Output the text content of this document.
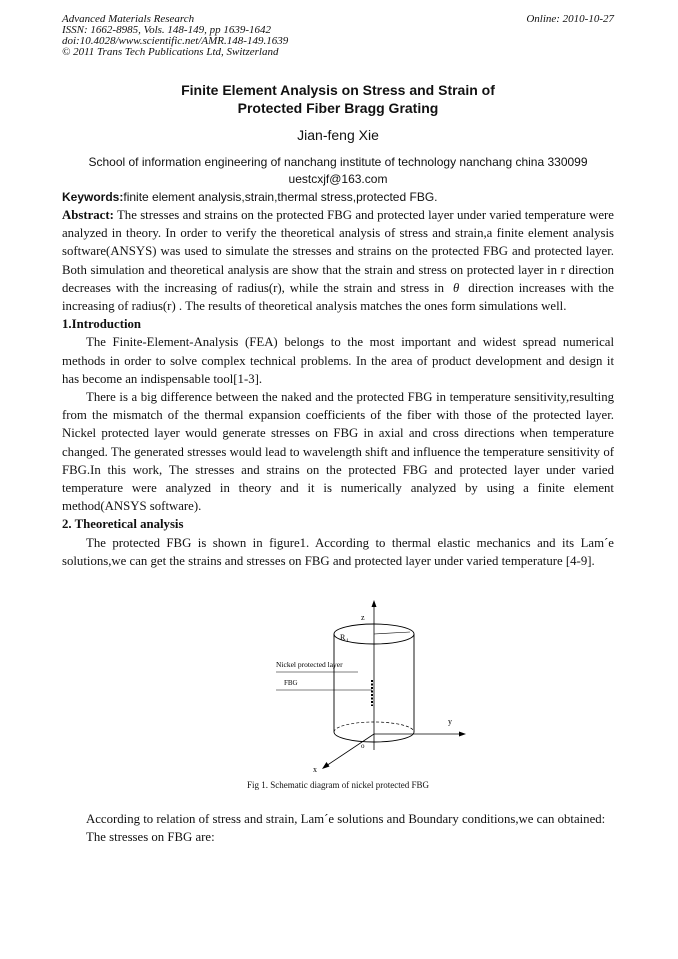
Advanced Materials Research
ISSN: 1662-8985, Vols. 148-149, pp 1639-1642
doi:10.4028/www.scientific.net/AMR.148-149.1639
© 2011 Trans Tech Publications Ltd, Switzerland
Online: 2010-10-27
Finite Element Analysis on Stress and Strain of
Protected Fiber Bragg Grating
Jian-feng Xie
School of information engineering of nanchang institute of technology nanchang china 330099
uestcxjf@163.com
Keywords:finite element analysis,strain,thermal stress,protected FBG.

Abstract: The stresses and strains on the protected FBG and protected layer under varied temperature were analyzed in theory. In order to verify the theoretical analysis of stress and strain,a finite element analysis software(ANSYS) was used to simulate the stresses and strains on the protected FBG and protected layer. Both simulation and theoretical analysis are show that the strain and stress on protected layer in r direction decreases with the increasing of radius(r), while the strain and stress in θ direction increases with the increasing of radius(r) . The results of theoretical analysis matches the ones form simulations well.

1.Introduction

The Finite-Element-Analysis (FEA) belongs to the most important and widest spread numerical methods in order to solve complex technical problems. In the area of product development and design it has become an indispensable tool[1-3].

There is a big difference between the naked and the protected FBG in temperature sensitivity,resulting from the mismatch of the thermal expansion coefficients of the fiber with those of the protected layer. Nickel protected layer would generate stresses on FBG in axial and cross directions when temperature changed. The generated stresses would lead to wavelength shift and influence the temperature sensitivity of FBG.In this work, The stresses and strains on the protected FBG and protected layer under varied temperature were analyzed in theory and it is numerically analyzed by using a finite element method(ANSYS software).

2. Theoretical analysis

The protected FBG is shown in figure1. According to thermal elastic mechanics and its Lam´e solutions,we can get the strains and stresses on FBG and protected layer under varied temperature [4-9].

z
R 1
Nickel protected layer
FBG
y
x
o
Fig 1. Schematic diagram of nickel protected FBG

According to relation of stress and strain, Lam´e solutions and Boundary conditions,we can obtained:

The stresses on FBG are:
